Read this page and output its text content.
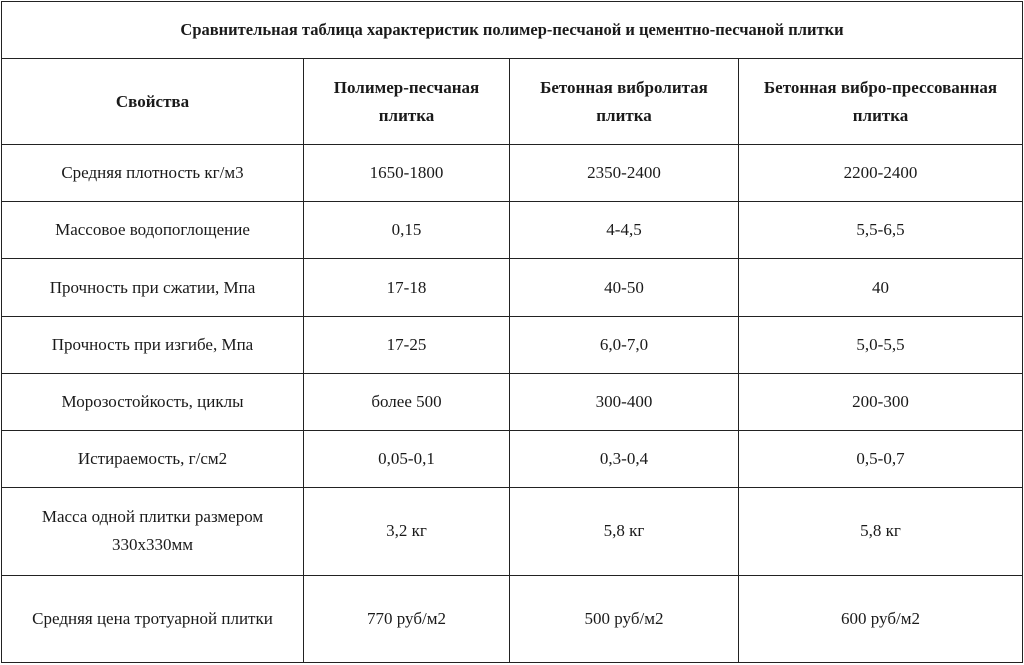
Сравнительная таблица характеристик полимер-песчаной и цементно-песчаной плитки			
Свойства	Полимер-песчаная плитка	Бетонная вибролитая плитка	Бетонная вибро-прессованная плитка
Средняя плотность кг/м3	1650-1800	2350-2400	2200-2400
Массовое водопоглощение	0,15	4-4,5	5,5-6,5
Прочность при сжатии, Мпа	17-18	40-50	40
Прочность при изгибе, Мпа	17-25	6,0-7,0	5,0-5,5
Морозостойкость, циклы	более 500	300-400	200-300
Истираемость, г/см2	0,05-0,1	0,3-0,4	0,5-0,7
Масса одной плитки размером 330х330мм	3,2 кг	5,8 кг	5,8 кг
Средняя цена тротуарной плитки	770 руб/м2	500 руб/м2	600 руб/м2
